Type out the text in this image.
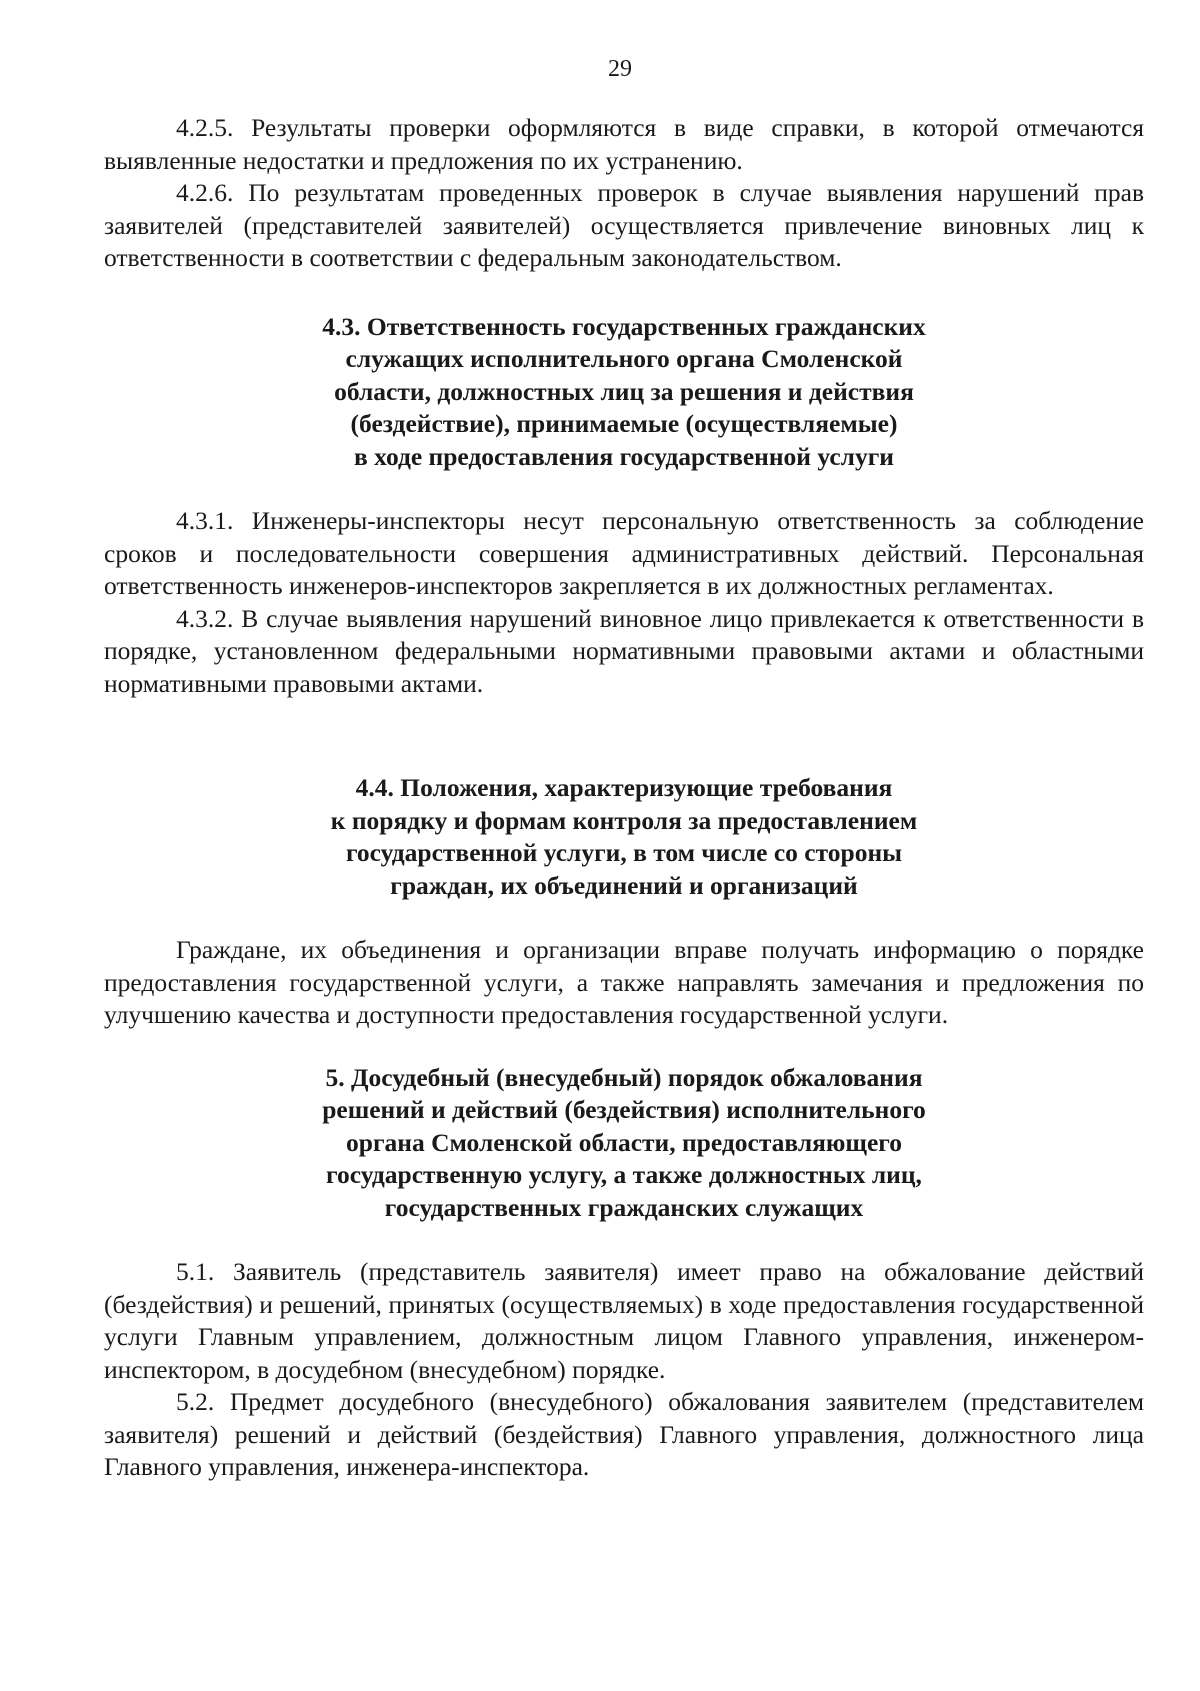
29

4.2.5. Результаты проверки оформляются в виде справки, в которой отмечаются выявленные недостатки и предложения по их устранению.

4.2.6. По результатам проведенных проверок в случае выявления нарушений прав заявителей (представителей заявителей) осуществляется привлечение виновных лиц к ответственности в соответствии с федеральным законодательством.

4.3. Ответственность государственных гражданских
служащих исполнительного органа Смоленской
области, должностных лиц за решения и действия
(бездействие), принимаемые (осуществляемые)
в ходе предоставления государственной услуги

4.3.1. Инженеры-инспекторы несут персональную ответственность за соблюдение сроков и последовательности совершения административных действий. Персональная ответственность инженеров-инспекторов закрепляется в их должностных регламентах.

4.3.2. В случае выявления нарушений виновное лицо привлекается к ответственности в порядке, установленном федеральными нормативными правовыми актами и областными нормативными правовыми актами.

4.4. Положения, характеризующие требования
к порядку и формам контроля за предоставлением
государственной услуги, в том числе со стороны
граждан, их объединений и организаций

Граждане, их объединения и организации вправе получать информацию о порядке предоставления государственной услуги, а также направлять замечания и предложения по улучшению качества и доступности предоставления государственной услуги.

5. Досудебный (внесудебный) порядок обжалования
решений и действий (бездействия) исполнительного
органа Смоленской области, предоставляющего
государственную услугу, а также должностных лиц,
государственных гражданских служащих

5.1. Заявитель (представитель заявителя) имеет право на обжалование действий (бездействия) и решений, принятых (осуществляемых) в ходе предоставления государственной услуги Главным управлением, должностным лицом Главного управления, инженером-инспектором, в досудебном (внесудебном) порядке.

5.2. Предмет досудебного (внесудебного) обжалования заявителем (представителем заявителя) решений и действий (бездействия) Главного управления, должностного лица Главного управления, инженера-инспектора.
